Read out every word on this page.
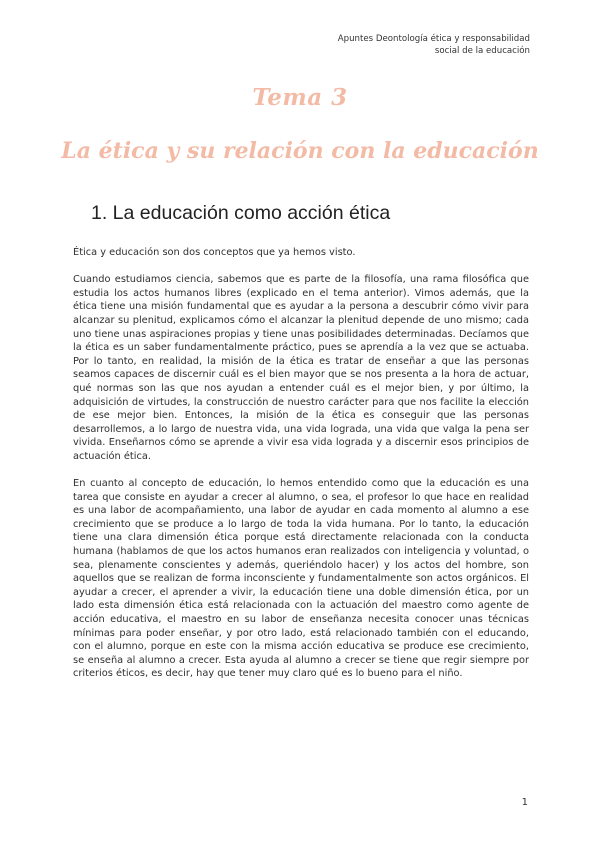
Apuntes Deontología ética y responsabilidad
social de la educación
Tema 3
La ética y su relación con la educación
1. La educación como acción ética

Ética y educación son dos conceptos que ya hemos visto.

Cuando estudiamos ciencia, sabemos que es parte de la filosofía, una rama filosófica que estudia los actos humanos libres (explicado en el tema anterior). Vimos además, que la ética tiene una misión fundamental que es ayudar a la persona a descubrir cómo vivir para alcanzar su plenitud, explicamos cómo el alcanzar la plenitud depende de uno mismo; cada uno tiene unas aspiraciones propias y tiene unas posibilidades determinadas. Decíamos que la ética es un saber fundamentalmente práctico, pues se aprendía a la vez que se actuaba. Por lo tanto, en realidad, la misión de la ética es tratar de enseñar a que las personas seamos capaces de discernir cuál es el bien mayor que se nos presenta a la hora de actuar, qué normas son las que nos ayudan a entender cuál es el mejor bien, y por último, la adquisición de virtudes, la construcción de nuestro carácter para que nos facilite la elección de ese mejor bien. Entonces, la misión de la ética es conseguir que las personas desarrollemos, a lo largo de nuestra vida, una vida lograda, una vida que valga la pena ser vivida. Enseñarnos cómo se aprende a vivir esa vida lograda y a discernir esos principios de actuación ética.

En cuanto al concepto de educación, lo hemos entendido como que la educación es una tarea que consiste en ayudar a crecer al alumno, o sea, el profesor lo que hace en realidad es una labor de acompañamiento, una labor de ayudar en cada momento al alumno a ese crecimiento que se produce a lo largo de toda la vida humana. Por lo tanto, la educación tiene una clara dimensión ética porque está directamente relacionada con la conducta humana (hablamos de que los actos humanos eran realizados con inteligencia y voluntad, o sea, plenamente conscientes y además, queriéndolo hacer) y los actos del hombre, son aquellos que se realizan de forma inconsciente y fundamentalmente son actos orgánicos. El ayudar a crecer, el aprender a vivir, la educación tiene una doble dimensión ética, por un lado esta dimensión ética está relacionada con la actuación del maestro como agente de acción educativa, el maestro en su labor de enseñanza necesita conocer unas técnicas mínimas para poder enseñar, y por otro lado, está relacionado también con el educando, con el alumno, porque en este con la misma acción educativa se produce ese crecimiento, se enseña al alumno a crecer. Esta ayuda al alumno a crecer se tiene que regir siempre por criterios éticos, es decir, hay que tener muy claro qué es lo bueno para el niño.

1
